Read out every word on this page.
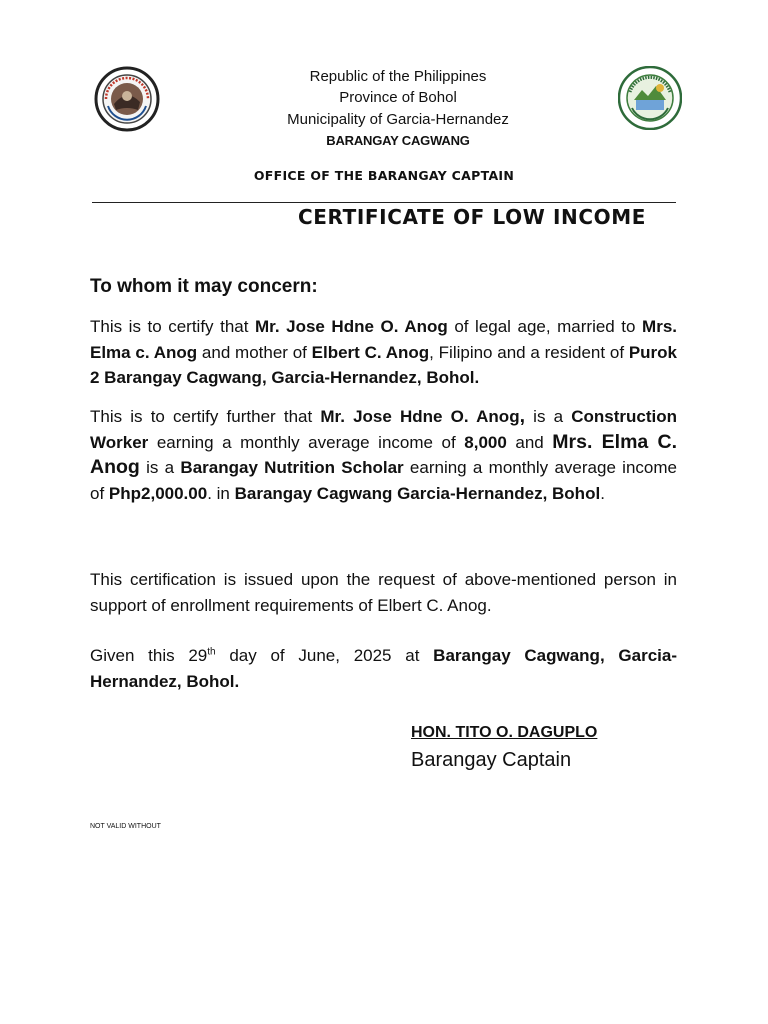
Republic of the Philippines
Province of Bohol
Municipality of Garcia-Hernandez
BARANGAY CAGWANG
OFFICE OF THE BARANGAY CAPTAIN
CERTIFICATE OF LOW INCOME
To whom it may concern:

This is to certify that Mr. Jose Hdne O. Anog of legal age, married to Mrs. Elma c. Anog and mother of Elbert C. Anog, Filipino and a resident of Purok 2 Barangay Cagwang, Garcia-Hernandez, Bohol.

This is to certify further that Mr. Jose Hdne O. Anog, is a Construction Worker earning a monthly average income of 8,000 and Mrs. Elma C. Anog is a Barangay Nutrition Scholar earning a monthly average income of Php2,000.00. in Barangay Cagwang Garcia-Hernandez, Bohol.

This certification is issued upon the request of above-mentioned person in support of enrollment requirements of Elbert C. Anog.

Given this 29th day of June, 2025 at Barangay Cagwang, Garcia-Hernandez, Bohol.

HON. TITO O. DAGUPLO
Barangay Captain
NOT VALID WITHOUT
